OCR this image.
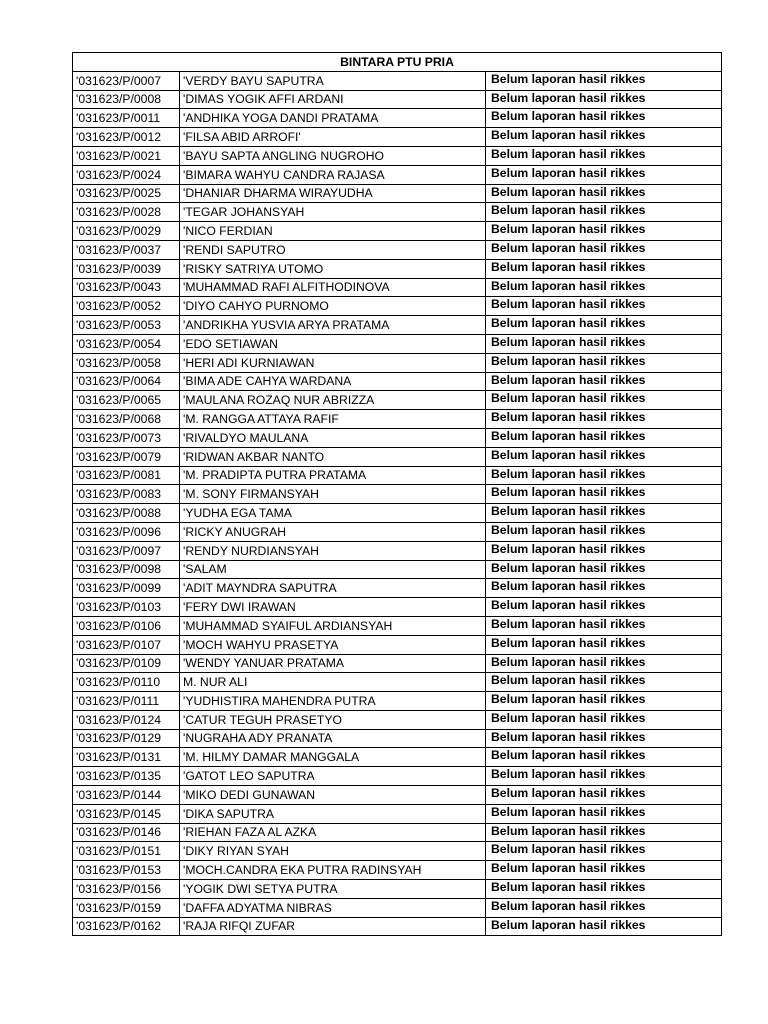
BINTARA PTU PRIA		
'031623/P/0007	'VERDY BAYU SAPUTRA	Belum laporan hasil rikkes
'031623/P/0008	'DIMAS YOGIK AFFI ARDANI	Belum laporan hasil rikkes
'031623/P/0011	'ANDHIKA YOGA DANDI PRATAMA	Belum laporan hasil rikkes
'031623/P/0012	'FILSA ABID ARROFI'	Belum laporan hasil rikkes
'031623/P/0021	'BAYU SAPTA ANGLING NUGROHO	Belum laporan hasil rikkes
'031623/P/0024	'BIMARA WAHYU CANDRA RAJASA	Belum laporan hasil rikkes
'031623/P/0025	'DHANIAR DHARMA WIRAYUDHA	Belum laporan hasil rikkes
'031623/P/0028	'TEGAR JOHANSYAH	Belum laporan hasil rikkes
'031623/P/0029	'NICO FERDIAN	Belum laporan hasil rikkes
'031623/P/0037	'RENDI SAPUTRO	Belum laporan hasil rikkes
'031623/P/0039	'RISKY SATRIYA UTOMO	Belum laporan hasil rikkes
'031623/P/0043	'MUHAMMAD RAFI ALFITHODINOVA	Belum laporan hasil rikkes
'031623/P/0052	'DIYO CAHYO PURNOMO	Belum laporan hasil rikkes
'031623/P/0053	'ANDRIKHA YUSVIA ARYA PRATAMA	Belum laporan hasil rikkes
'031623/P/0054	'EDO SETIAWAN	Belum laporan hasil rikkes
'031623/P/0058	'HERI ADI KURNIAWAN	Belum laporan hasil rikkes
'031623/P/0064	'BIMA ADE CAHYA WARDANA	Belum laporan hasil rikkes
'031623/P/0065	'MAULANA ROZAQ NUR ABRIZZA	Belum laporan hasil rikkes
'031623/P/0068	'M. RANGGA ATTAYA RAFIF	Belum laporan hasil rikkes
'031623/P/0073	'RIVALDYO MAULANA	Belum laporan hasil rikkes
'031623/P/0079	'RIDWAN AKBAR NANTO	Belum laporan hasil rikkes
'031623/P/0081	'M. PRADIPTA PUTRA PRATAMA	Belum laporan hasil rikkes
'031623/P/0083	'M. SONY FIRMANSYAH	Belum laporan hasil rikkes
'031623/P/0088	'YUDHA EGA TAMA	Belum laporan hasil rikkes
'031623/P/0096	'RICKY ANUGRAH	Belum laporan hasil rikkes
'031623/P/0097	'RENDY NURDIANSYAH	Belum laporan hasil rikkes
'031623/P/0098	'SALAM	Belum laporan hasil rikkes
'031623/P/0099	'ADIT MAYNDRA SAPUTRA	Belum laporan hasil rikkes
'031623/P/0103	'FERY DWI IRAWAN	Belum laporan hasil rikkes
'031623/P/0106	'MUHAMMAD SYAIFUL ARDIANSYAH	Belum laporan hasil rikkes
'031623/P/0107	'MOCH WAHYU PRASETYA	Belum laporan hasil rikkes
'031623/P/0109	'WENDY YANUAR PRATAMA	Belum laporan hasil rikkes
'031623/P/0110	M. NUR ALI	Belum laporan hasil rikkes
'031623/P/0111	'YUDHISTIRA MAHENDRA PUTRA	Belum laporan hasil rikkes
'031623/P/0124	'CATUR TEGUH PRASETYO	Belum laporan hasil rikkes
'031623/P/0129	'NUGRAHA ADY PRANATA	Belum laporan hasil rikkes
'031623/P/0131	'M. HILMY DAMAR MANGGALA	Belum laporan hasil rikkes
'031623/P/0135	'GATOT LEO SAPUTRA	Belum laporan hasil rikkes
'031623/P/0144	'MIKO DEDI GUNAWAN	Belum laporan hasil rikkes
'031623/P/0145	'DIKA SAPUTRA	Belum laporan hasil rikkes
'031623/P/0146	'RIEHAN FAZA AL AZKA	Belum laporan hasil rikkes
'031623/P/0151	'DIKY RIYAN SYAH	Belum laporan hasil rikkes
'031623/P/0153	'MOCH.CANDRA EKA PUTRA RADINSYAH	Belum laporan hasil rikkes
'031623/P/0156	'YOGIK DWI SETYA PUTRA	Belum laporan hasil rikkes
'031623/P/0159	'DAFFA ADYATMA NIBRAS	Belum laporan hasil rikkes
'031623/P/0162	'RAJA RIFQI ZUFAR	Belum laporan hasil rikkes
